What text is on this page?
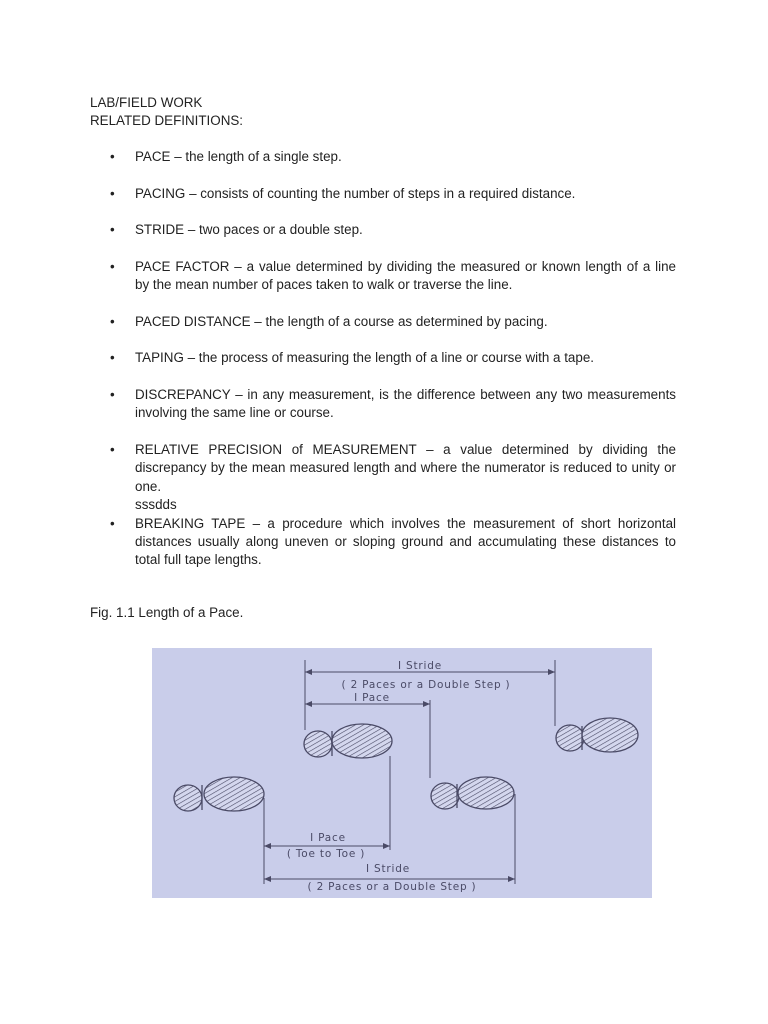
LAB/FIELD WORK
RELATED DEFINITIONS:
• PACE – the length of a single step.
• PACING – consists of counting the number of steps in a required distance.
• STRIDE – two paces or a double step.
• PACE FACTOR – a value determined by dividing the measured or known length of a line by the mean number of paces taken to walk or traverse the line.
• PACED DISTANCE – the length of a course as determined by pacing.
• TAPING – the process of measuring the length of a line or course with a tape.
• DISCREPANCY – in any measurement, is the difference between any two measurements involving the same line or course.
• RELATIVE PRECISION of MEASUREMENT – a value determined by dividing the discrepancy by the mean measured length and where the numerator is reduced to unity or one.
sssdds
• BREAKING TAPE – a procedure which involves the measurement of short horizontal distances usually along uneven or sloping ground and accumulating these distances to total full tape lengths.
Fig. 1.1 Length of a Pace.
I Stride
( 2 Paces or a Double Step )
I Pace
I Pace
( Toe to Toe )
I Stride
( 2 Paces or a Double Step )
